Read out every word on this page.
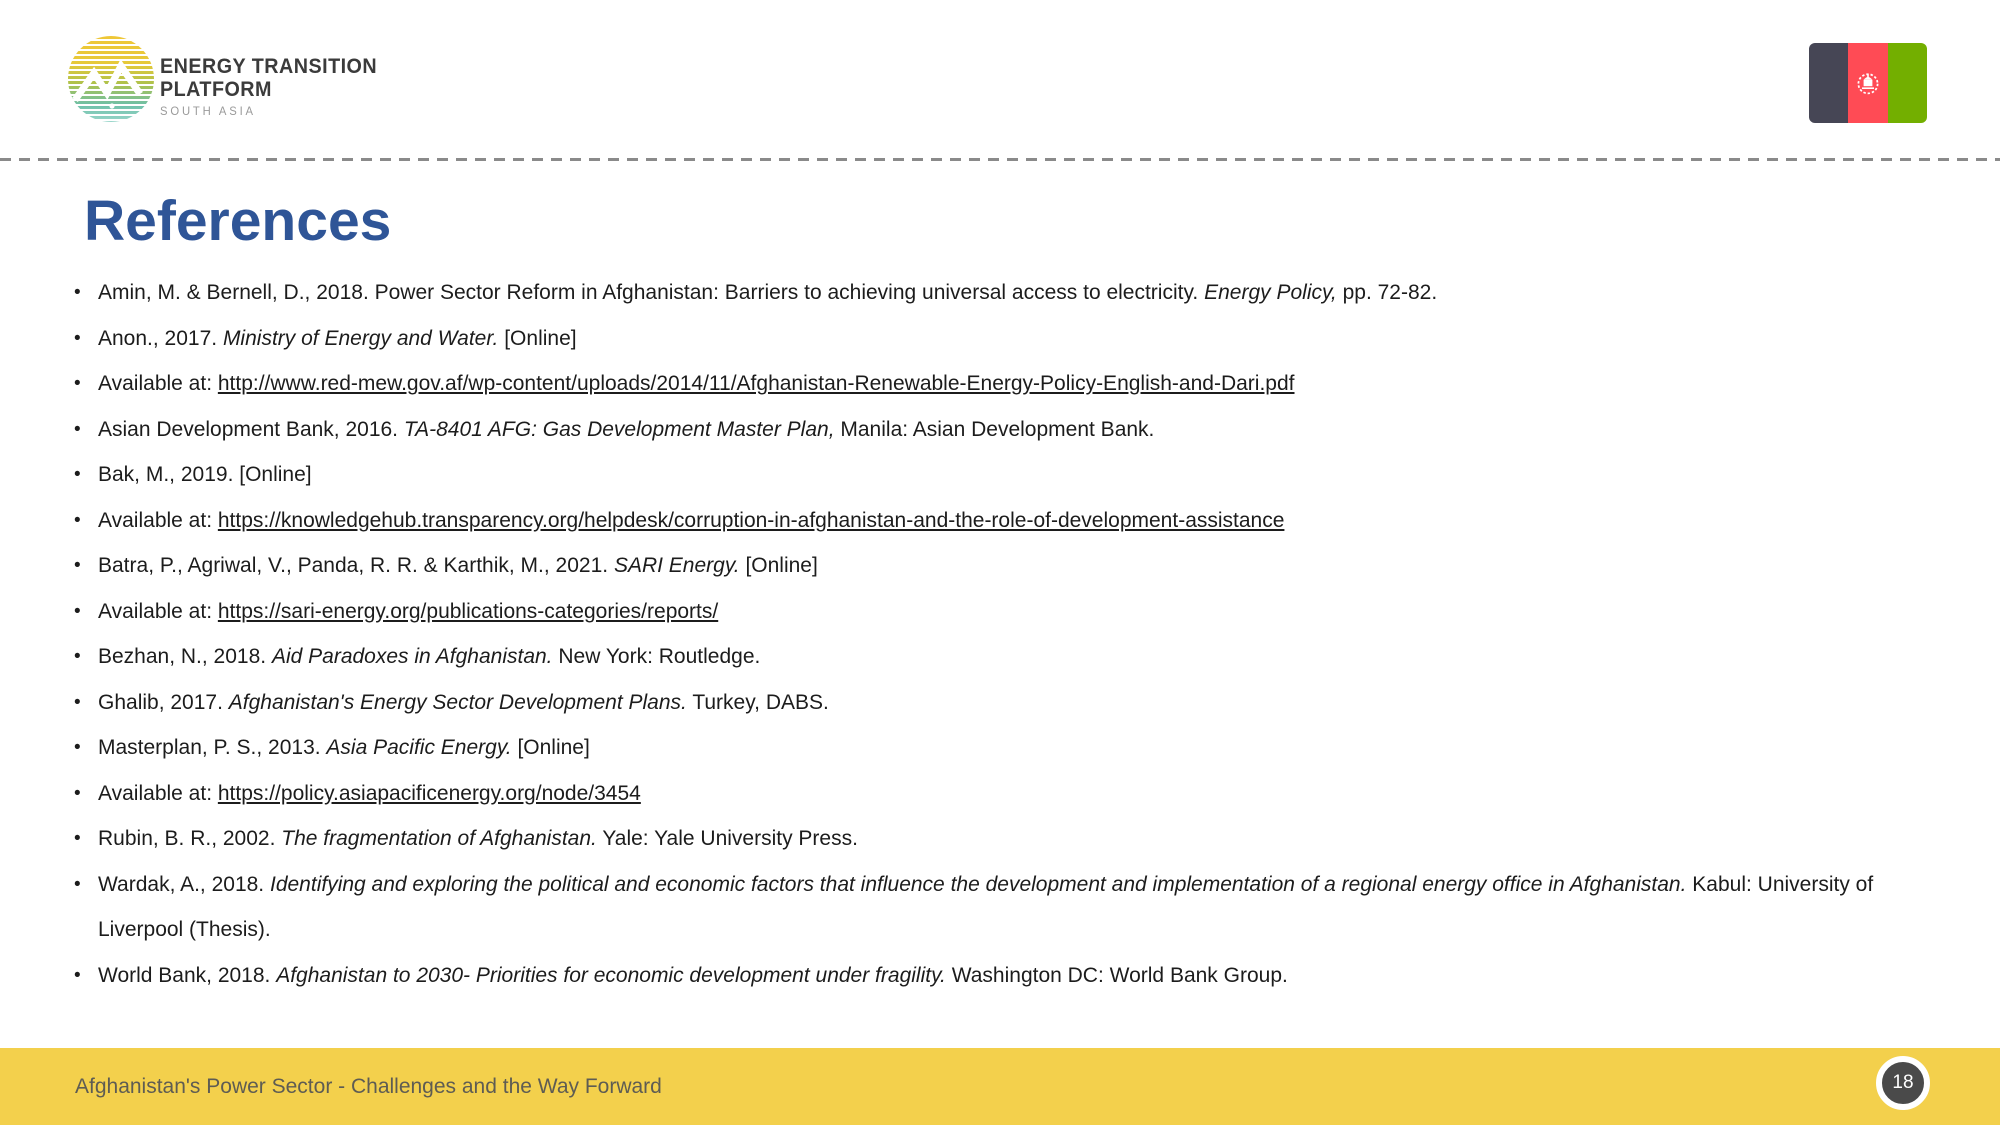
ENERGY TRANSITION
PLATFORM
SOUTH ASIA
References
• Amin, M. & Bernell, D., 2018. Power Sector Reform in Afghanistan: Barriers to achieving universal access to electricity. Energy Policy, pp. 72-82.
• Anon., 2017. Ministry of Energy and Water. [Online]
• Available at: http://www.red-mew.gov.af/wp-content/uploads/2014/11/Afghanistan-Renewable-Energy-Policy-English-and-Dari.pdf
• Asian Development Bank, 2016. TA-8401 AFG: Gas Development Master Plan, Manila: Asian Development Bank.
• Bak, M., 2019. [Online]
• Available at: https://knowledgehub.transparency.org/helpdesk/corruption-in-afghanistan-and-the-role-of-development-assistance
• Batra, P., Agriwal, V., Panda, R. R. & Karthik, M., 2021. SARI Energy. [Online]
• Available at: https://sari-energy.org/publications-categories/reports/
• Bezhan, N., 2018. Aid Paradoxes in Afghanistan. New York: Routledge.
• Ghalib, 2017. Afghanistan's Energy Sector Development Plans. Turkey, DABS.
• Masterplan, P. S., 2013. Asia Pacific Energy. [Online]
• Available at: https://policy.asiapacificenergy.org/node/3454
• Rubin, B. R., 2002. The fragmentation of Afghanistan. Yale: Yale University Press.
• Wardak, A., 2018. Identifying and exploring the political and economic factors that influence the development and implementation of a regional energy office in Afghanistan. Kabul: University of Liverpool (Thesis).
• World Bank, 2018. Afghanistan to 2030- Priorities for economic development under fragility. Washington DC: World Bank Group.
Afghanistan's Power Sector - Challenges and the Way Forward	18
